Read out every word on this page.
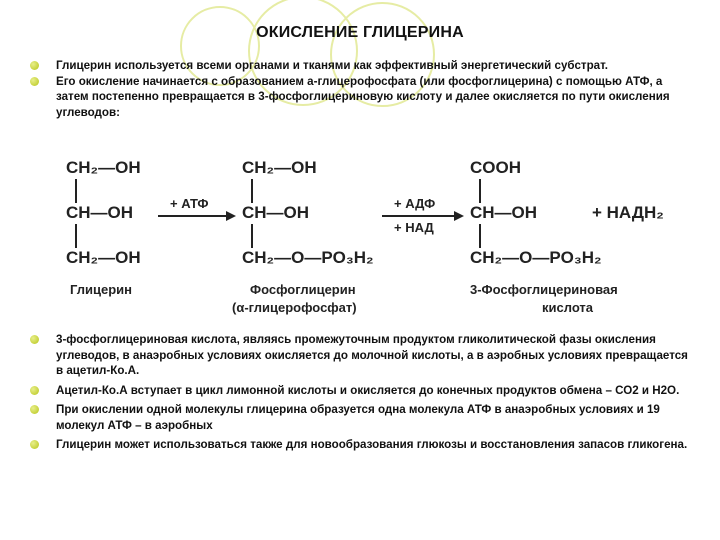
ОКИСЛЕНИЕ ГЛИЦЕРИНА
Глицерин используется всеми органами и тканями как эффективный энергетический субстрат.
Его окисление начинается с образованием a-глицерофосфата (или фосфоглицерина) с помощью АТФ, а затем постепенно превращается в 3-фосфоглицериновую кислоту и далее окисляется по пути окисления углеводов:
CH₂—OH
CH—OH
CH₂—OH
Глицерин
+ АТФ
CH₂—OH
CH—OH
CH₂—O—PO₃H₂
Фосфоглицерин
(α-глицерофосфат)
+ АДФ
+ НАД
COOH
CH—OH
CH₂—O—PO₃H₂
+ НАДН₂
3-Фосфоглицериновая
кислота
3-фосфоглицериновая кислота, являясь промежуточным продуктом гликолитической фазы окисления углеводов, в анаэробных условиях окисляется до молочной кислоты, а в аэробных условиях превращается в ацетил-Ко.А.
Ацетил-Ко.А вступает в цикл лимонной кислоты и окисляется до конечных продуктов обмена – СО2 и Н2О.
При окислении одной молекулы глицерина образуется одна молекула АТФ в анаэробных условиях и 19 молекул АТФ – в аэробных
Глицерин может использоваться также для новообразования глюкозы и восстановления запасов гликогена.
